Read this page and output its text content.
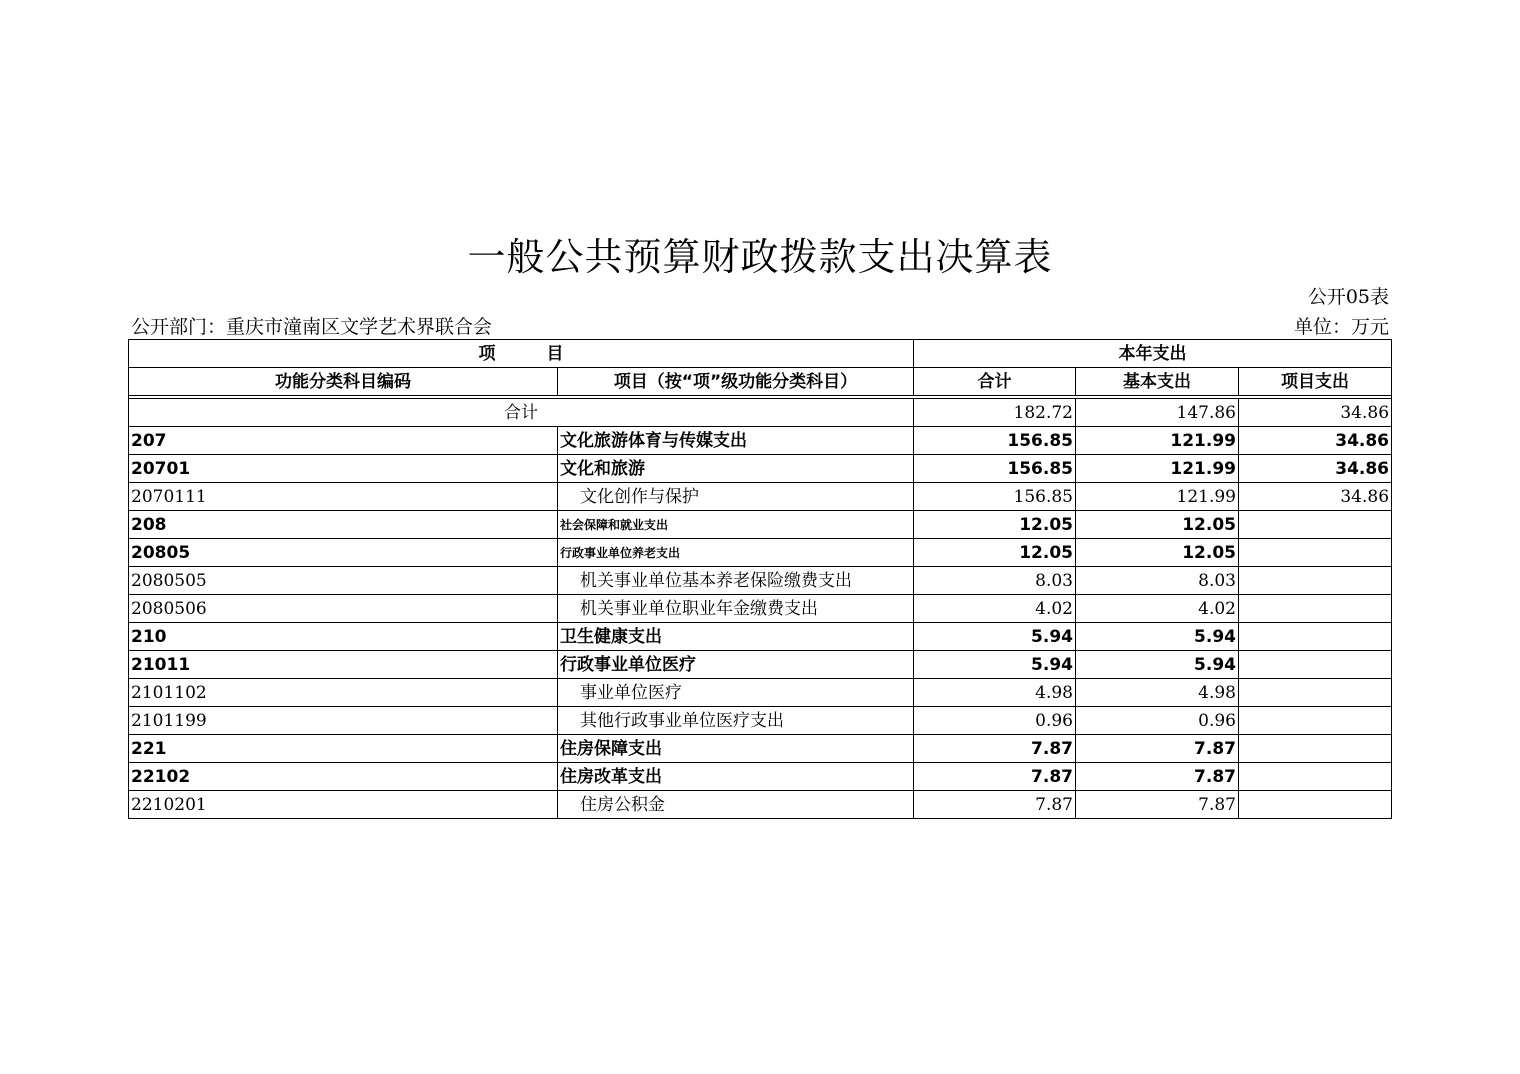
一般公共预算财政拨款支出决算表
公开05表
公开部门：重庆市潼南区文学艺术界联合会	单位：万元
项　　　目		本年支出		
功能分类科目编码	项目（按“项”级功能分类科目）	合计	基本支出	项目支出

合计		182.72	147.86	34.86
207	文化旅游体育与传媒支出	156.85	121.99	34.86
20701	文化和旅游	156.85	121.99	34.86
2070111	文化创作与保护	156.85	121.99	34.86
208	社会保障和就业支出	12.05	12.05	
20805	行政事业单位养老支出	12.05	12.05	
2080505	机关事业单位基本养老保险缴费支出	8.03	8.03	
2080506	机关事业单位职业年金缴费支出	4.02	4.02	
210	卫生健康支出	5.94	5.94	
21011	行政事业单位医疗	5.94	5.94	
2101102	事业单位医疗	4.98	4.98	
2101199	其他行政事业单位医疗支出	0.96	0.96	
221	住房保障支出	7.87	7.87	
22102	住房改革支出	7.87	7.87	
2210201	住房公积金	7.87	7.87	
